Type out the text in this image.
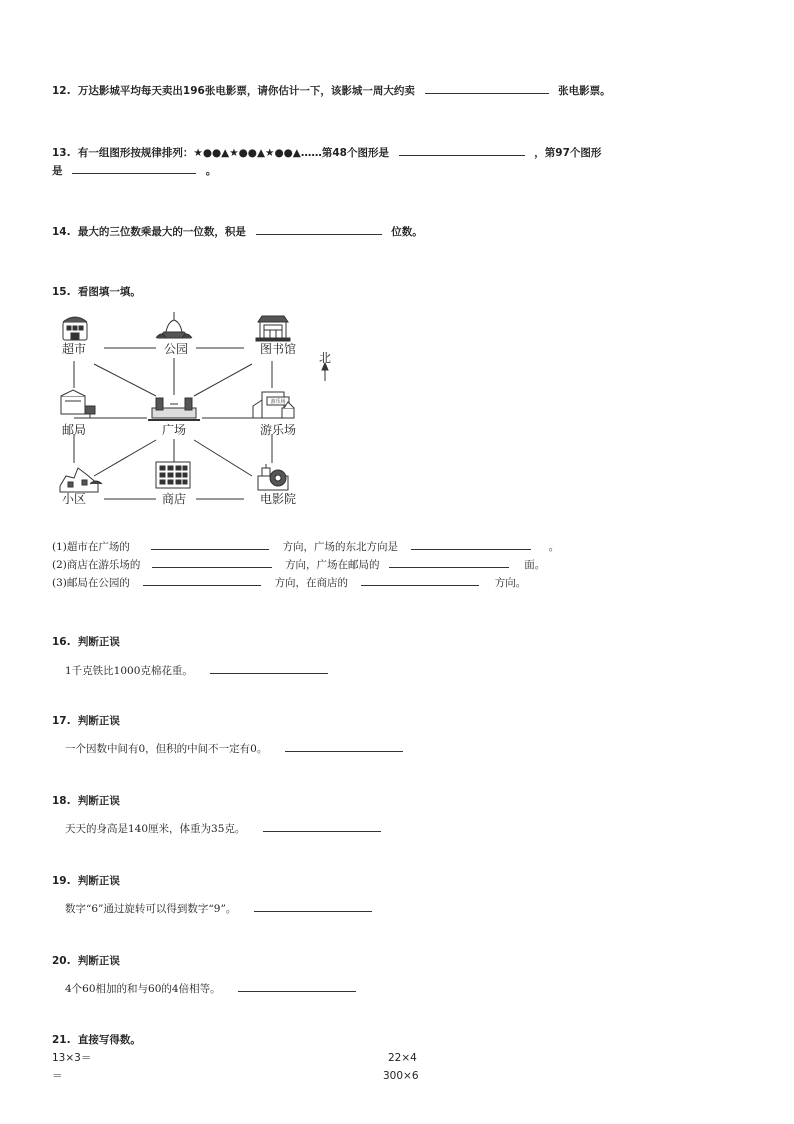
12. 万达影城平均每天卖出196张电影票，请你估计一下，该影城一周大约卖	张电影票。
13. 有一组图形按规律排列：★●●▲★●●▲★●●▲……第48个图形是	，第97个图形
是	。
14. 最大的三位数乘最大的一位数，积是	位数。
15. 看图填一填。
游乐场
超市	公园	图书馆
北
邮局	广场	游乐场
小区	商店	电影院
(1)超市在广场的	方向，广场的东北方向是	。
(2)商店在游乐场的	方向，广场在邮局的	面。
(3)邮局在公园的	方向，在商店的	方向。
16. 判断正误
1千克铁比1000克棉花重。
17. 判断正误
一个因数中间有0，但积的中间不一定有0。
18. 判断正误
天天的身高是140厘米，体重为35克。
19. 判断正误
数字“6”通过旋转可以得到数字“9”。
20. 判断正误
4个60相加的和与60的4倍相等。
21. 直接写得数。
13×3＝	22×4
＝	300×6
